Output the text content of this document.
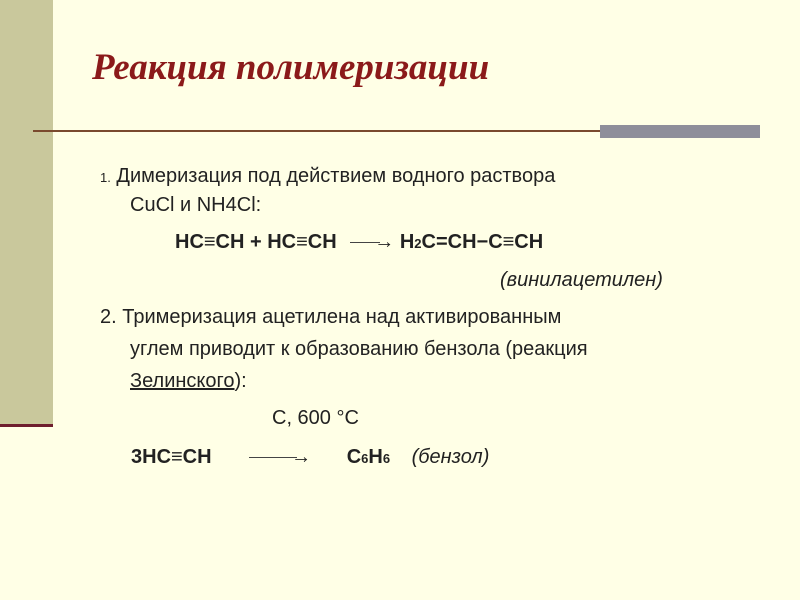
Реакция полимеризации
1. Димеризация под действием водного раствора
CuCl и NH4Cl:
HC≡CH + HC≡CH → H2C=CH−C≡CH
(винилацетилен)
2. Тримеризация ацетилена над активированным
углем приводит к образованию бензола (реакция
Зелинского):
С, 600 °С
3HC≡CH	→ C6H6 (бензол)
